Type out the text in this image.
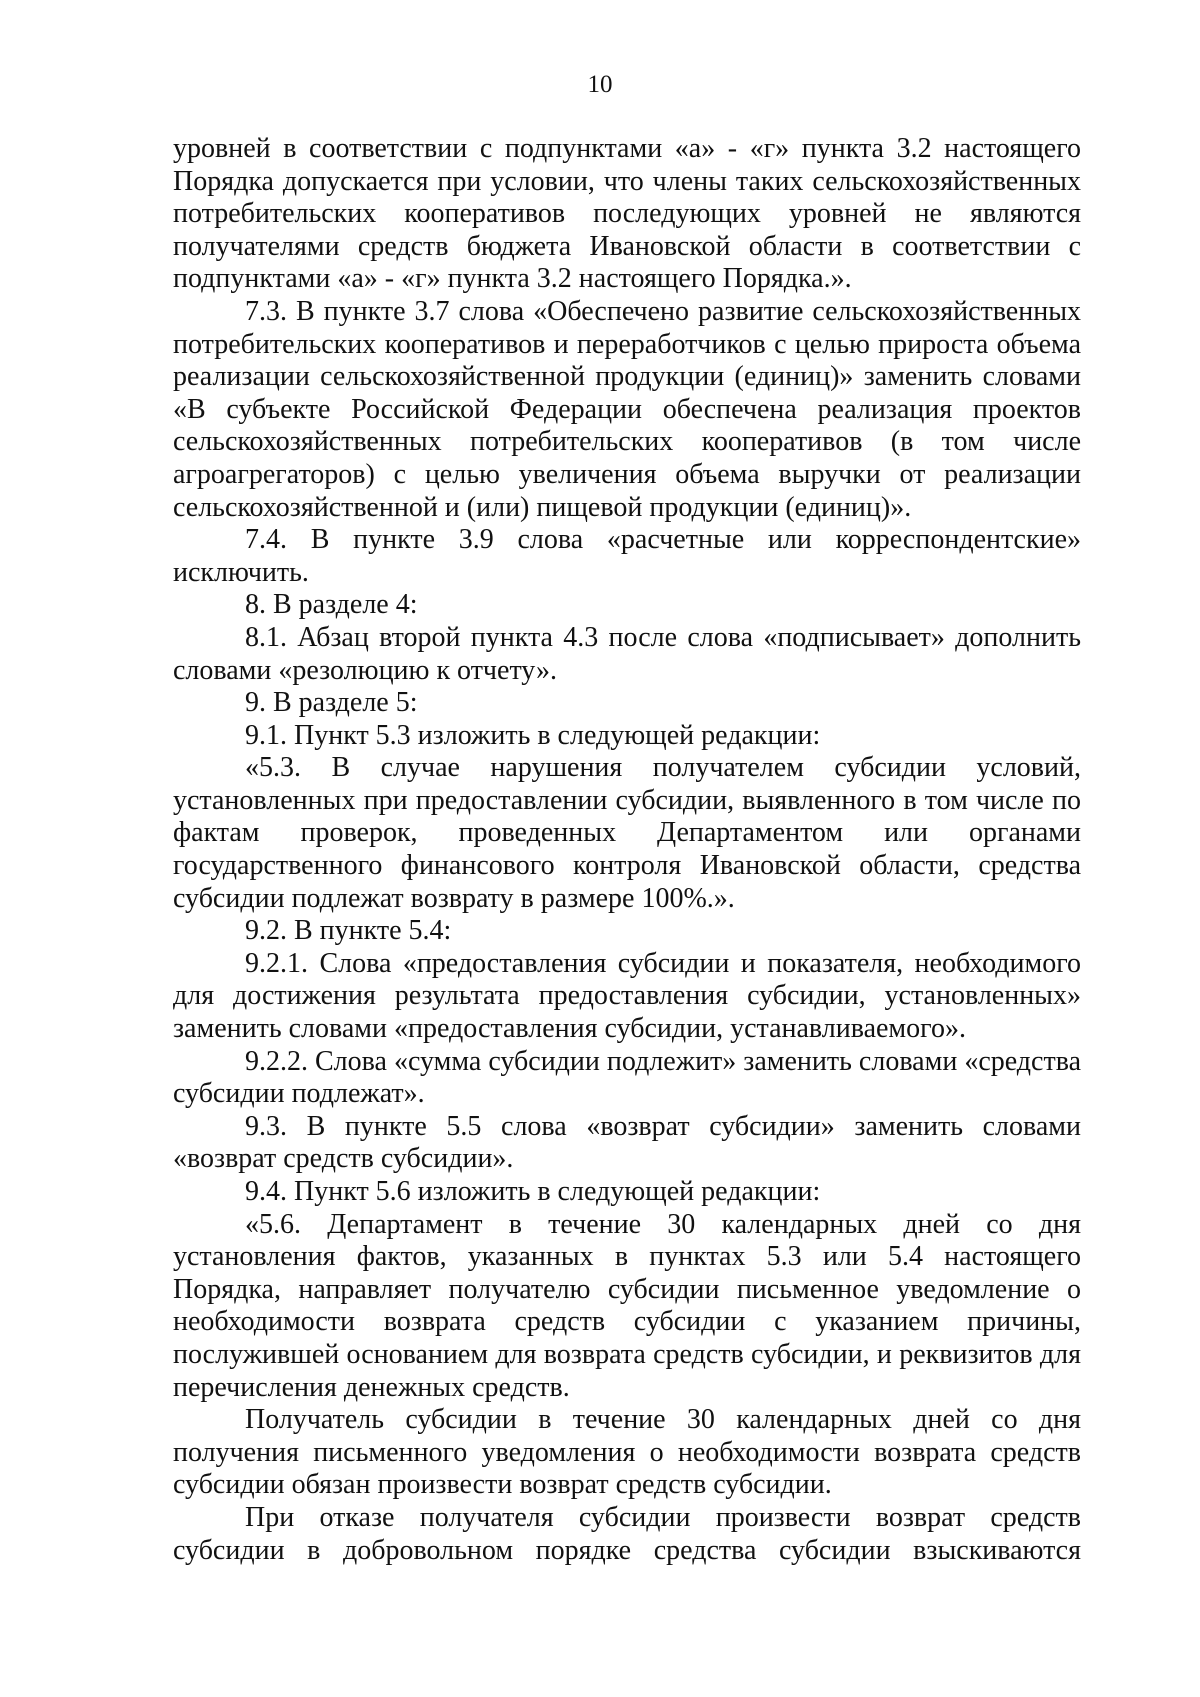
10

уровней в соответствии с подпунктами «а» - «г» пункта 3.2 настоящего Порядка допускается при условии, что члены таких сельскохозяйственных потребительских кооперативов последующих уровней не являются получателями средств бюджета Ивановской области в соответствии с подпунктами «а» - «г» пункта 3.2 настоящего Порядка.».

7.3. В пункте 3.7 слова «Обеспечено развитие сельскохозяйственных потребительских кооперативов и переработчиков с целью прироста объема реализации сельскохозяйственной продукции (единиц)» заменить словами «В субъекте Российской Федерации обеспечена реализация проектов сельскохозяйственных потребительских кооперативов (в том числе агроагрегаторов) с целью увеличения объема выручки от реализации сельскохозяйственной и (или) пищевой продукции (единиц)».

7.4. В пункте 3.9 слова «расчетные или корреспондентские» исключить.

8. В разделе 4:

8.1. Абзац второй пункта 4.3 после слова «подписывает» дополнить словами «резолюцию к отчету».

9. В разделе 5:

9.1. Пункт 5.3 изложить в следующей редакции:

«5.3. В случае нарушения получателем субсидии условий, установленных при предоставлении субсидии, выявленного в том числе по фактам проверок, проведенных Департаментом или органами государственного финансового контроля Ивановской области, средства субсидии подлежат возврату в размере 100%.».

9.2. В пункте 5.4:

9.2.1. Слова «предоставления субсидии и показателя, необходимого для достижения результата предоставления субсидии, установленных» заменить словами «предоставления субсидии, устанавливаемого».

9.2.2. Слова «сумма субсидии подлежит» заменить словами «средства субсидии подлежат».

9.3. В пункте 5.5 слова «возврат субсидии» заменить словами «возврат средств субсидии».

9.4. Пункт 5.6 изложить в следующей редакции:

«5.6. Департамент в течение 30 календарных дней со дня установления фактов, указанных в пунктах 5.3 или 5.4 настоящего Порядка, направляет получателю субсидии письменное уведомление о необходимости возврата средств субсидии с указанием причины, послужившей основанием для возврата средств субсидии, и реквизитов для перечисления денежных средств.

Получатель субсидии в течение 30 календарных дней со дня получения письменного уведомления о необходимости возврата средств субсидии обязан произвести возврат средств субсидии.

При отказе получателя субсидии произвести возврат средств субсидии в добровольном порядке средства субсидии взыскиваются
